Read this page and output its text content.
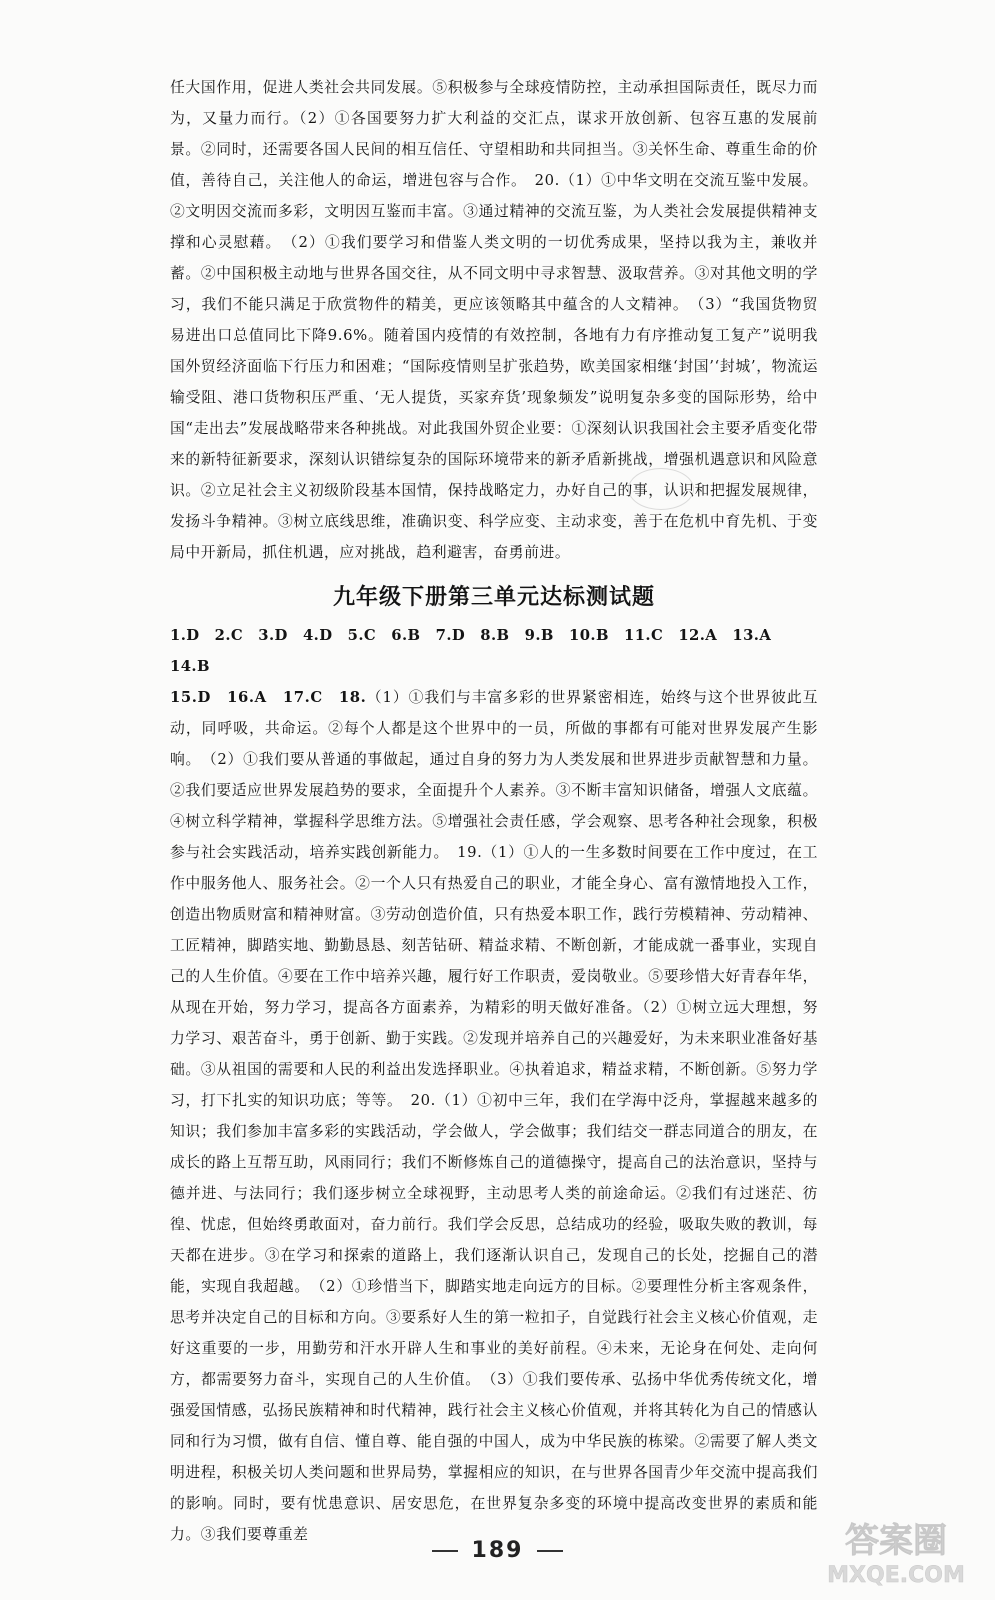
任大国作用，促进人类社会共同发展。⑤积极参与全球疫情防控，主动承担国际责任，既尽力而为，又量力而行。（2）①各国要努力扩大利益的交汇点，谋求开放创新、包容互惠的发展前景。②同时，还需要各国人民间的相互信任、守望相助和共同担当。③关怀生命、尊重生命的价值，善待自己，关注他人的命运，增进包容与合作。　20.（1）①中华文明在交流互鉴中发展。②文明因交流而多彩，文明因互鉴而丰富。③通过精神的交流互鉴，为人类社会发展提供精神支撑和心灵慰藉。　（2）①我们要学习和借鉴人类文明的一切优秀成果，坚持以我为主，兼收并蓄。②中国积极主动地与世界各国交往，从不同文明中寻求智慧、汲取营养。③对其他文明的学习，我们不能只满足于欣赏物件的精美，更应该领略其中蕴含的人文精神。　（3）“我国货物贸易进出口总值同比下降9.6%。随着国内疫情的有效控制，各地有力有序推动复工复产”说明我国外贸经济面临下行压力和困难；“国际疫情则呈扩张趋势，欧美国家相继‘封国’‘封城’，物流运输受阻、港口货物积压严重、‘无人提货，买家弃货’现象频发”说明复杂多变的国际形势，给中国“走出去”发展战略带来各种挑战。对此我国外贸企业要：①深刻认识我国社会主要矛盾变化带来的新特征新要求，深刻认识错综复杂的国际环境带来的新矛盾新挑战，增强机遇意识和风险意识。②立足社会主义初级阶段基本国情，保持战略定力，办好自己的事，认识和把握发展规律，发扬斗争精神。③树立底线思维，准确识变、科学应变、主动求变，善于在危机中育先机、于变局中开新局，抓住机遇，应对挑战，趋利避害，奋勇前进。

九年级下册第三单元达标测试题

1.D　2.C　3.D　4.D　5.C　6.B　7.D　8.B　9.B　10.B　11.C　12.A　13.A　14.B

15.D　16.A　17.C　18.（1）①我们与丰富多彩的世界紧密相连，始终与这个世界彼此互动，同呼吸，共命运。②每个人都是这个世界中的一员，所做的事都有可能对世界发展产生影响。　（2）①我们要从普通的事做起，通过自身的努力为人类发展和世界进步贡献智慧和力量。②我们要适应世界发展趋势的要求，全面提升个人素养。③不断丰富知识储备，增强人文底蕴。④树立科学精神，掌握科学思维方法。⑤增强社会责任感，学会观察、思考各种社会现象，积极参与社会实践活动，培养实践创新能力。　19.（1）①人的一生多数时间要在工作中度过，在工作中服务他人、服务社会。②一个人只有热爱自己的职业，才能全身心、富有激情地投入工作，创造出物质财富和精神财富。③劳动创造价值，只有热爱本职工作，践行劳模精神、劳动精神、工匠精神，脚踏实地、勤勤恳恳、刻苦钻研、精益求精、不断创新，才能成就一番事业，实现自己的人生价值。④要在工作中培养兴趣，履行好工作职责，爱岗敬业。⑤要珍惜大好青春年华，从现在开始，努力学习，提高各方面素养，为精彩的明天做好准备。（2）①树立远大理想，努力学习、艰苦奋斗，勇于创新、勤于实践。②发现并培养自己的兴趣爱好，为未来职业准备好基础。③从祖国的需要和人民的利益出发选择职业。④执着追求，精益求精，不断创新。⑤努力学习，打下扎实的知识功底；等等。　20.（1）①初中三年，我们在学海中泛舟，掌握越来越多的知识；我们参加丰富多彩的实践活动，学会做人，学会做事；我们结交一群志同道合的朋友，在成长的路上互帮互助，风雨同行；我们不断修炼自己的道德操守，提高自己的法治意识，坚持与德并进、与法同行；我们逐步树立全球视野，主动思考人类的前途命运。②我们有过迷茫、彷徨、忧虑，但始终勇敢面对，奋力前行。我们学会反思，总结成功的经验，吸取失败的教训，每天都在进步。③在学习和探索的道路上，我们逐渐认识自己，发现自己的长处，挖掘自己的潜能，实现自我超越。　（2）①珍惜当下，脚踏实地走向远方的目标。②要理性分析主客观条件，思考并决定自己的目标和方向。③要系好人生的第一粒扣子，自觉践行社会主义核心价值观，走好这重要的一步，用勤劳和汗水开辟人生和事业的美好前程。④未来，无论身在何处、走向何方，都需要努力奋斗，实现自己的人生价值。　（3）①我们要传承、弘扬中华优秀传统文化，增强爱国情感，弘扬民族精神和时代精神，践行社会主义核心价值观，并将其转化为自己的情感认同和行为习惯，做有自信、懂自尊、能自强的中国人，成为中华民族的栋梁。②需要了解人类文明进程，积极关切人类问题和世界局势，掌握相应的知识，在与世界各国青少年交流中提高我们的影响。同时，要有忧患意识、居安思危，在世界复杂多变的环境中提高改变世界的素质和能力。③我们要尊重差

189	答案圈
MXQE.COM
